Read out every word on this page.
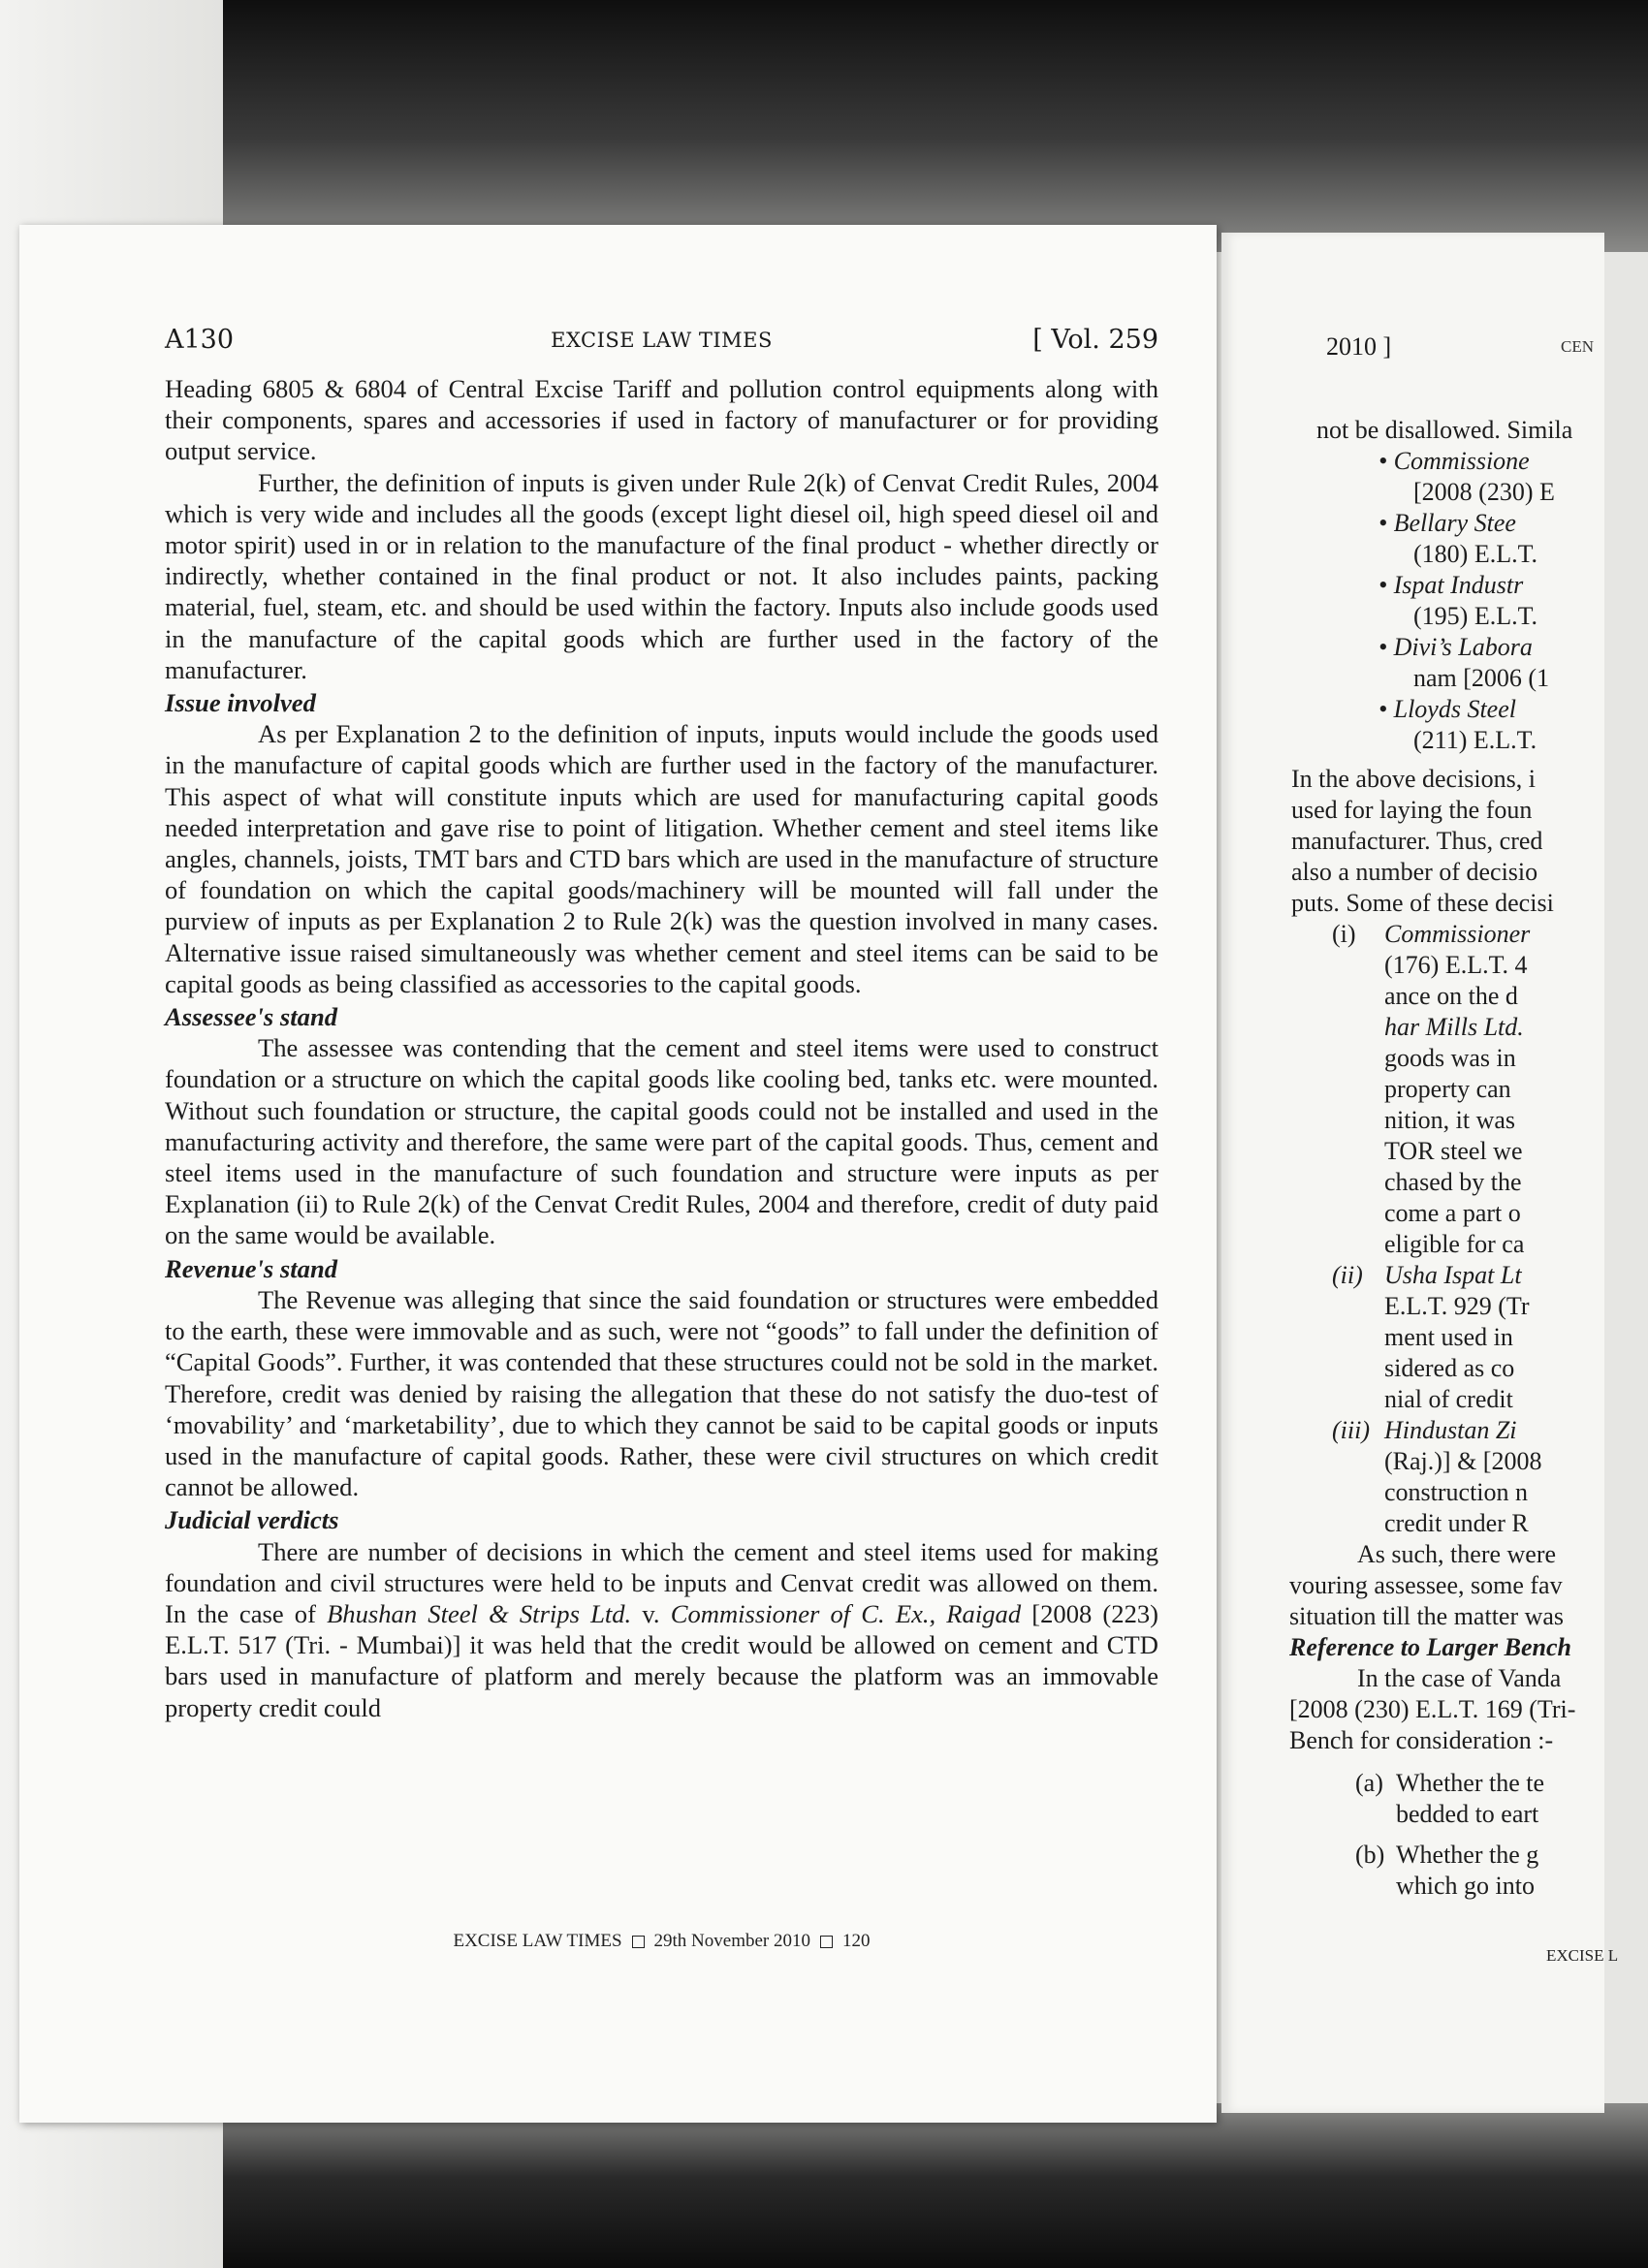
A130	EXCISE LAW TIMES	[ Vol. 259

Heading 6805 & 6804 of Central Excise Tariff and pollution control equipments along with their components, spares and accessories if used in factory of manufacturer or for providing output service.

Further, the definition of inputs is given under Rule 2(k) of Cenvat Credit Rules, 2004 which is very wide and includes all the goods (except light diesel oil, high speed diesel oil and motor spirit) used in or in relation to the manufacture of the final product - whether directly or indirectly, whether contained in the final product or not. It also includes paints, packing material, fuel, steam, etc. and should be used within the factory. Inputs also include goods used in the manufacture of the capital goods which are further used in the factory of the manufacturer.

Issue involved

As per Explanation 2 to the definition of inputs, inputs would include the goods used in the manufacture of capital goods which are further used in the factory of the manufacturer. This aspect of what will constitute inputs which are used for manufacturing capital goods needed interpretation and gave rise to point of litigation. Whether cement and steel items like angles, channels, joists, TMT bars and CTD bars which are used in the manufacture of structure of foundation on which the capital goods/machinery will be mounted will fall under the purview of inputs as per Explanation 2 to Rule 2(k) was the question involved in many cases. Alternative issue raised simultaneously was whether cement and steel items can be said to be capital goods as being classified as accessories to the capital goods.

Assessee's stand

The assessee was contending that the cement and steel items were used to construct foundation or a structure on which the capital goods like cooling bed, tanks etc. were mounted. Without such foundation or structure, the capital goods could not be installed and used in the manufacturing activity and therefore, the same were part of the capital goods. Thus, cement and steel items used in the manufacture of such foundation and structure were inputs as per Explanation (ii) to Rule 2(k) of the Cenvat Credit Rules, 2004 and therefore, credit of duty paid on the same would be available.

Revenue's stand

The Revenue was alleging that since the said foundation or structures were embedded to the earth, these were immovable and as such, were not “goods” to fall under the definition of “Capital Goods”. Further, it was contended that these structures could not be sold in the market. Therefore, credit was denied by raising the allegation that these do not satisfy the duo-test of ‘movability’ and ‘marketability’, due to which they cannot be said to be capital goods or inputs used in the manufacture of capital goods. Rather, these were civil structures on which credit cannot be allowed.

Judicial verdicts

There are number of decisions in which the cement and steel items used for making foundation and civil structures were held to be inputs and Cenvat credit was allowed on them. In the case of Bhushan Steel & Strips Ltd. v. Commissioner of C. Ex., Raigad [2008 (223) E.L.T. 517 (Tri. - Mumbai)] it was held that the credit would be allowed on cement and CTD bars used in manufacture of platform and merely because the platform was an immovable property credit could

EXCISE LAW TIMES 29th November 2010 120
2010 ]	CEN
not be disallowed. Simila
• Commissione
[2008 (230) E
• Bellary Stee
(180) E.L.T.
• Ispat Industr
(195) E.L.T.
• Divi’s Labora
nam [2006 (1
• Lloyds Steel
(211) E.L.T.
In the above decisions, i
used for laying the foun
manufacturer. Thus, cred
also a number of decisio
puts. Some of these decisi
(i) Commissioner
(176) E.L.T. 4
ance on the d
har Mills Ltd.
goods was in
property can
nition, it was
TOR steel we
chased by the
come a part o
eligible for ca
(ii) Usha Ispat Lt
E.L.T. 929 (Tr
ment used in
sidered as co
nial of credit
(iii) Hindustan Zi
(Raj.)] & [2008
construction n
credit under R
As such, there were
vouring assessee, some fav
situation till the matter was
Reference to Larger Bench
In the case of Vanda
[2008 (230) E.L.T. 169 (Tri-
Bench for consideration :-
(a) Whether the te
bedded to eart
(b) Whether the g
which go into
EXCISE L
